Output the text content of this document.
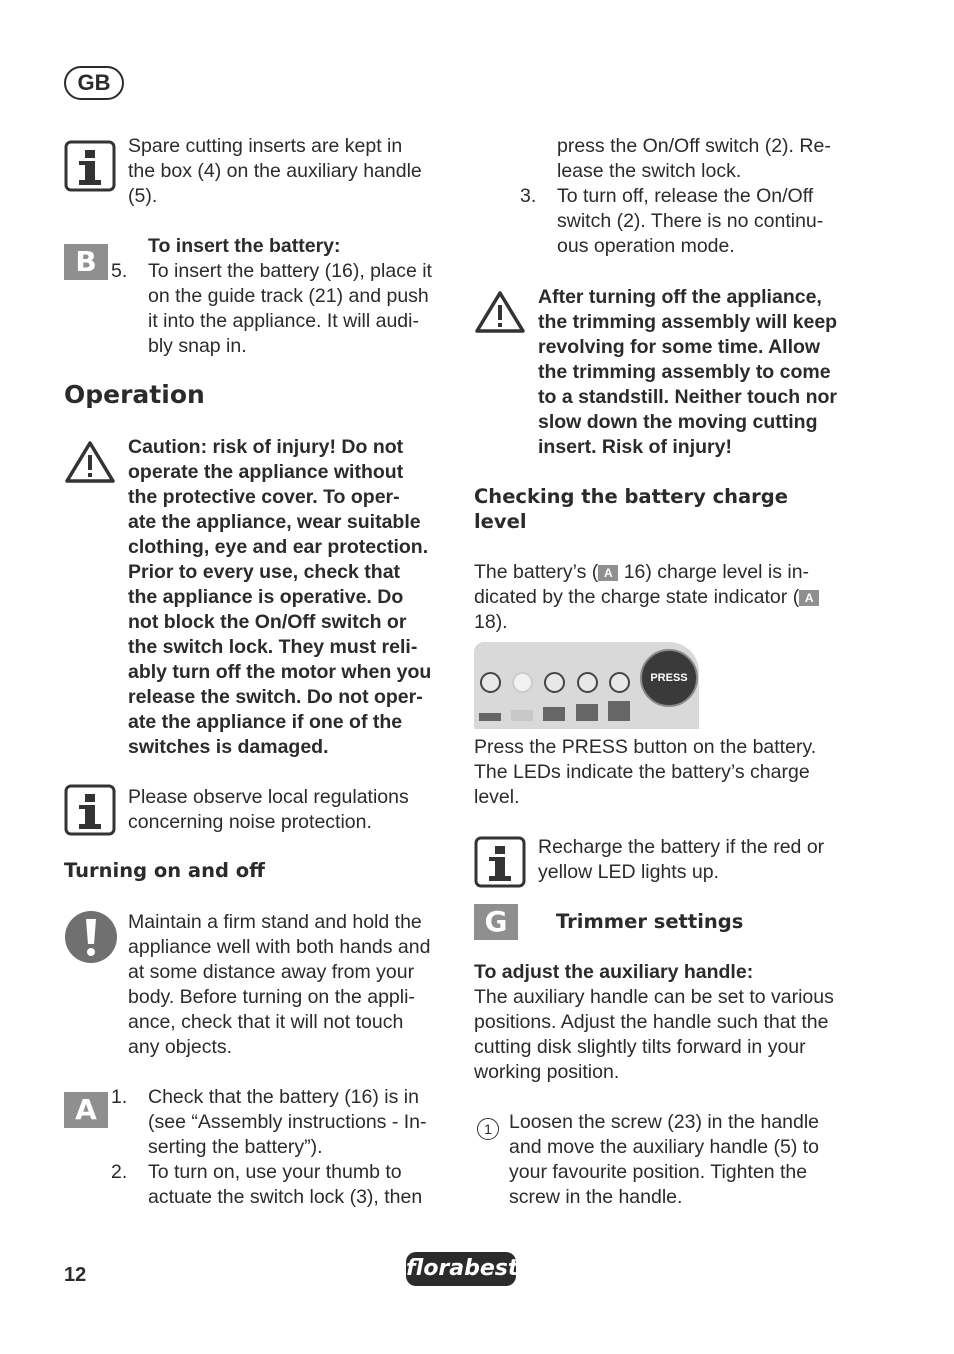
GB
Spare cutting inserts are kept in
the box (4) on the auxiliary handle
(5).
B	To insert the battery:
5.	To insert the battery (16), place it
on the guide track (21) and push
it into the appliance. It will audi-
bly snap in.
Operation
Caution: risk of injury! Do not
operate the appliance without
the protective cover. To oper-
ate the appliance, wear suitable
clothing, eye and ear protection.
Prior to every use, check that
the appliance is operative. Do
not block the On/Off switch or
the switch lock. They must reli-
ably turn off the motor when you
release the switch. Do not oper-
ate the appliance if one of the
switches is damaged.
Please observe local regulations
concerning noise protection.
Turning on and off
Maintain a firm stand and hold the
appliance well with both hands and
at some distance away from your
body. Before turning on the appli-
ance, check that it will not touch
any objects.
A 1.	Check that the battery (16) is in
(see “Assembly instructions - In-
serting the battery”).
2.	To turn on, use your thumb to
actuate the switch lock (3), then
press the On/Off switch (2). Re-
lease the switch lock.
3.	To turn off, release the On/Off
switch (2). There is no continu-
ous operation mode.
After turning off the appliance,
the trimming assembly will keep
revolving for some time. Allow
the trimming assembly to come
to a standstill. Neither touch nor
slow down the moving cutting
insert. Risk of injury!
Checking the battery charge
level
The battery’s ( A 16) charge level is in-
dicated by the charge state indicator ( A
18).
PRESS
Press the PRESS button on the battery.
The LEDs indicate the battery’s charge
level.
Recharge the battery if the red or
yellow LED lights up.
G	Trimmer settings
To adjust the auxiliary handle:
The auxiliary handle can be set to various
positions. Adjust the handle such that the
cutting disk slightly tilts forward in your
working position.
1 Loosen the screw (23) in the handle
and move the auxiliary handle (5) to
your favourite position. Tighten the
screw in the handle.
12	florabest
